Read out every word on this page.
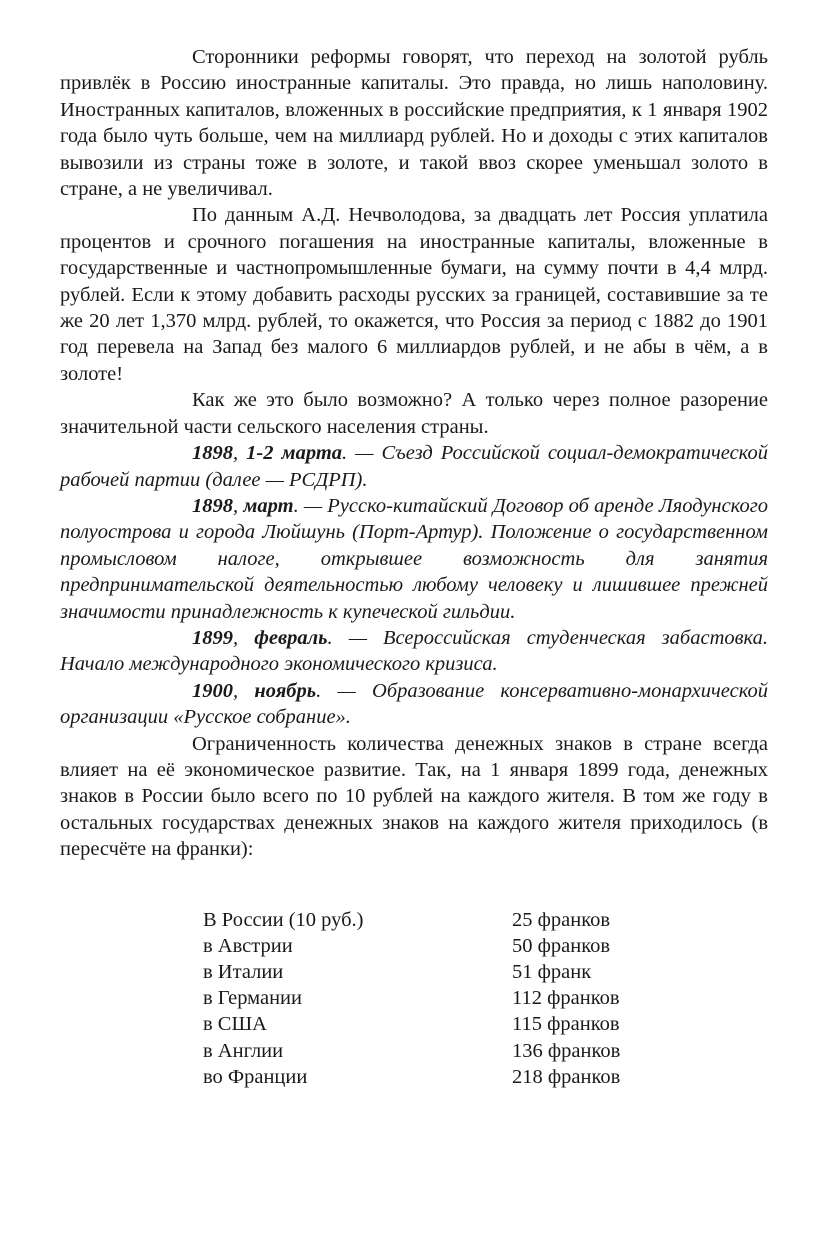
Сторонники реформы говорят, что переход на золотой рубль привлёк в Россию иностранные капиталы. Это правда, но лишь наполовину. Иностранных капиталов, вложенных в российские предприятия, к 1 января 1902 года было чуть больше, чем на миллиард рублей. Но и доходы с этих капиталов вывозили из страны тоже в золоте, и такой ввоз скорее уменьшал золото в стране, а не увеличивал.

По данным А.Д. Нечволодова, за двадцать лет Россия уплатила процентов и срочного погашения на иностранные капиталы, вложенные в государственные и частнопромышленные бумаги, на сумму почти в 4,4 млрд. рублей. Если к этому добавить расходы русских за границей, составившие за те же 20 лет 1,370 млрд. рублей, то окажется, что Россия за период с 1882 до 1901 год перевела на Запад без малого 6 миллиардов рублей, и не абы в чём, а в золоте!

Как же это было возможно? А только через полное разорение значительной части сельского населения страны.

1898, 1-2 марта. — Съезд Российской социал-демократической рабочей партии (далее — РСДРП).

1898, март. — Русско-китайский Договор об аренде Ляодунского полуострова и города Люйшунь (Порт-Артур). Положение о государственном промысловом налоге, открывшее возможность для занятия предпринимательской деятельностью любому человеку и лишившее прежней значимости принадлежность к купеческой гильдии.

1899, февраль. — Всероссийская студенческая забастовка. Начало международного экономического кризиса.

1900, ноябрь. — Образование консервативно-монархической организации «Русское собрание».

Ограниченность количества денежных знаков в стране всегда влияет на её экономическое развитие. Так, на 1 января 1899 года, денежных знаков в России было всего по 10 рублей на каждого жителя. В том же году в остальных государствах денежных знаков на каждого жителя приходилось (в пересчёте на франки):

В России (10 руб.)	25 франков
в Австрии	50 франков
в Италии	51 франк
в Германии	112 франков
в США	115 франков
в Англии	136 франков
во Франции	218 франков
